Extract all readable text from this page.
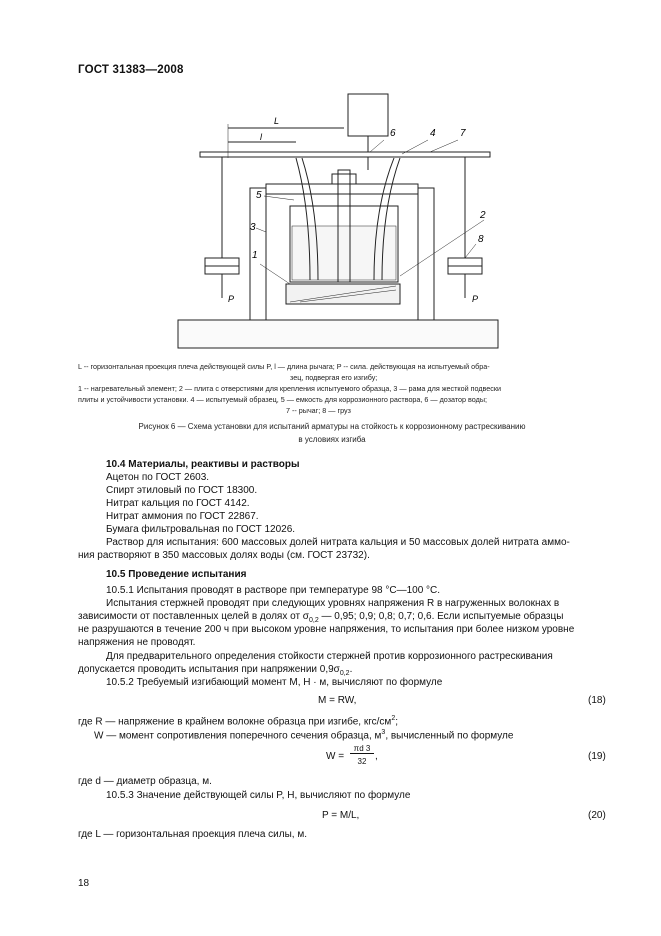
ГОСТ 31383—2008
L
l	6	4 7
5
3
1
2
8
P	P
L -- горизонтальная проекция плеча действующей силы P, l — длина рычага; P -- сила. действующая на испытуемый обра-
зец, подвергая его изгибу;
1 -- нагревательный элемент; 2 — плита с отверстиями для крепления испытуемого образца, 3 — рама для жесткой подвески
плиты и устойчивости установки. 4 — испытуемый образец, 5 — емкость для коррозионного раствора, 6 — дозатор воды;
7 -- рычаг; 8 — груз
Рисунок 6 — Схема установки для испытаний арматуры на стойкость к коррозионному растрескиванию
в условиях изгиба
10.4 Материалы, реактивы и растворы
Ацетон по ГОСТ 2603.
Спирт этиловый по ГОСТ 18300.
Нитрат кальция по ГОСТ 4142.
Нитрат аммония по ГОСТ 22867.
Бумага фильтровальная по ГОСТ 12026.
Раствор для испытания: 600 массовых долей нитрата кальция и 50 массовых долей нитрата аммо-
ния растворяют в 350 массовых долях воды (см. ГОСТ 23732).
10.5 Проведение испытания
10.5.1 Испытания проводят в растворе при температуре 98 °С—100 °С.
Испытания стержней проводят при следующих уровнях напряжения R в нагруженных волокнах в
зависимости от поставленных целей в долях от $\sigma_{0,2}$ — 0,95; 0,9; 0,8; 0,7; 0,6. Если испытуемые образцы
не разрушаются в течение 200 ч при высоком уровне напряжения, то испытания при более низком уровне
напряжения не проводят.
Для предварительного определения стойкости стержней против коррозионного растрескивания
допускается проводить испытания при напряжении $0,9\sigma_{0,2}$.
10.5.2 Требуемый изгибающий момент М, Н · м, вычисляют по формуле
М = RW,	(18)
где R — напряжение в крайнем волокне образца при изгибе, кгс/$см^2$;
W — момент сопротивления поперечного сечения образца, $м^3$, вычисленный по формуле
W =
πd 3
32 ,	(19)
где d — диаметр образца, м.
10.5.3 Значение действующей силы P, Н, вычисляют по формуле
P = M/L,	(20)
где L — горизонтальная проекция плеча силы, м.
18
